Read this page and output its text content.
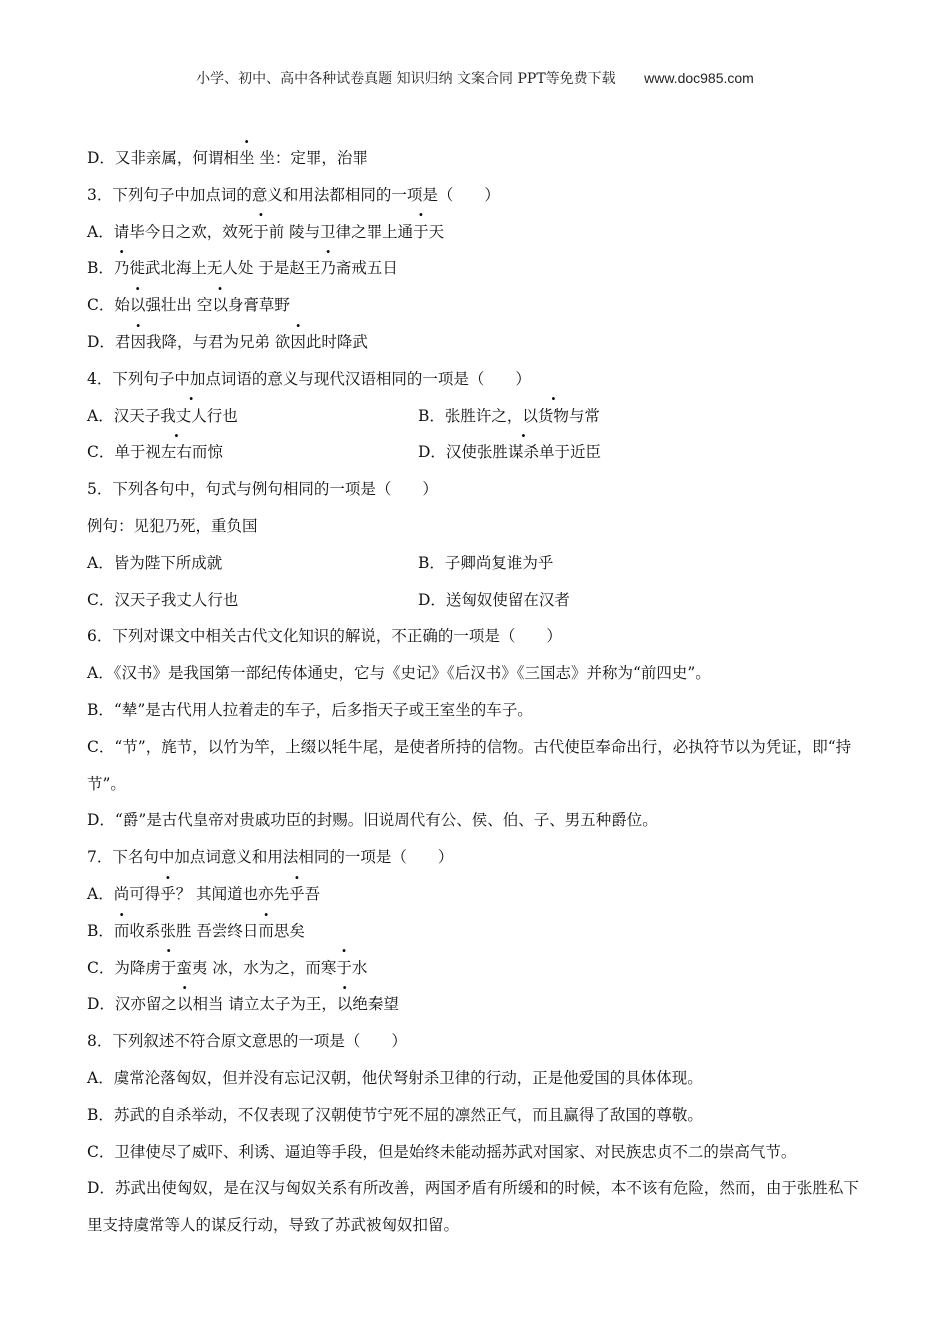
小学、初中、高中各种试卷真题 知识归纳 文案合同 PPT等免费下载 www.doc985.com
D．又非亲属，何谓相坐 坐：定罪，治罪
3．下列句子中加点词的意义和用法都相同的一项是（　　）
A．请毕今日之欢，效死于前 陵与卫律之罪上通于天
B．乃徙武北海上无人处 于是赵王乃斋戒五日
C．始以强壮出 空以身膏草野
D．君因我降，与君为兄弟 欲因此时降武
4．下列句子中加点词语的意义与现代汉语相同的一项是（　　）
A．汉天子我丈人行也	B．张胜许之，以货物与常
C．单于视左右而惊	D．汉使张胜谋杀单于近臣
5．下列各句中，句式与例句相同的一项是（　　）
例句：见犯乃死，重负国
A．皆为陛下所成就	B．子卿尚复谁为乎
C．汉天子我丈人行也	D．送匈奴使留在汉者
6．下列对课文中相关古代文化知识的解说，不正确的一项是（　　）
A．《汉书》是我国第一部纪传体通史，它与《史记》《后汉书》《三国志》并称为“前四史”。
B．“辇”是古代用人拉着走的车子，后多指天子或王室坐的车子。
C．“节”，旄节，以竹为竿，上缀以牦牛尾，是使者所持的信物。古代使臣奉命出行，必执符节以为凭证，即“持节”。
D．“爵”是古代皇帝对贵戚功臣的封赐。旧说周代有公、侯、伯、子、男五种爵位。
7．下名句中加点词意义和用法相同的一项是（　　）
A．尚可得乎？ 其闻道也亦先乎吾
B．而收系张胜 吾尝终日而思矣
C．为降虏于蛮夷 冰，水为之，而寒于水
D．汉亦留之以相当 请立太子为王，以绝秦望
8．下列叙述不符合原文意思的一项是（　　）
A．虞常沦落匈奴，但并没有忘记汉朝，他伏弩射杀卫律的行动，正是他爱国的具体体现。
B．苏武的自杀举动，不仅表现了汉朝使节宁死不屈的凛然正气，而且赢得了敌国的尊敬。
C．卫律使尽了威吓、利诱、逼迫等手段，但是始终未能动摇苏武对国家、对民族忠贞不二的崇高气节。
D．苏武出使匈奴，是在汉与匈奴关系有所改善，两国矛盾有所缓和的时候，本不该有危险，然而，由于张胜私下里支持虞常等人的谋反行动，导致了苏武被匈奴扣留。
